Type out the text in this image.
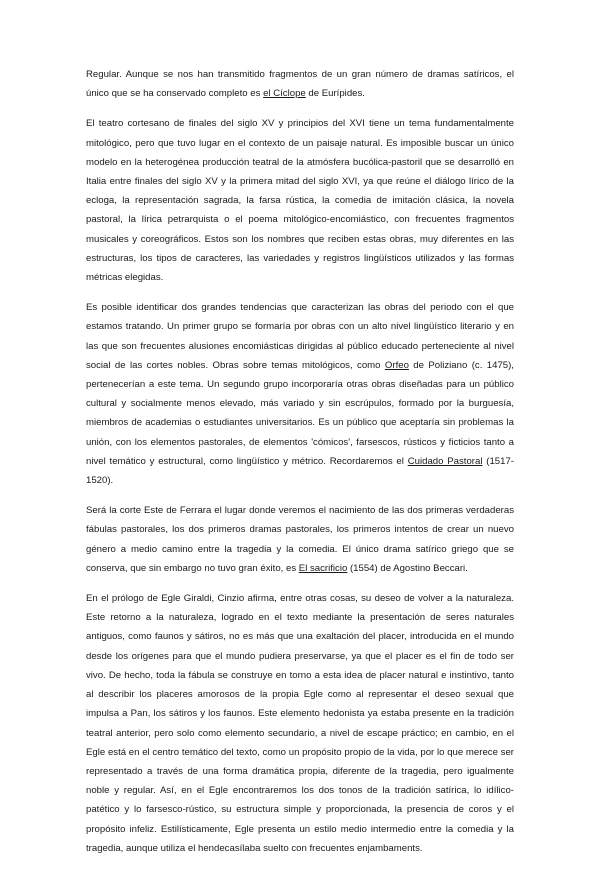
Regular. Aunque se nos han transmitido fragmentos de un gran número de dramas satíricos, el único que se ha conservado completo es el Cíclope de Eurípides.

El teatro cortesano de finales del siglo XV y principios del XVI tiene un tema fundamentalmente mitológico, pero que tuvo lugar en el contexto de un paisaje natural. Es imposible buscar un único modelo en la heterogénea producción teatral de la atmósfera bucólica-pastoril que se desarrolló en Italia entre finales del siglo XV y la primera mitad del siglo XVI, ya que reúne el diálogo lírico de la ecloga, la representación sagrada, la farsa rústica, la comedia de imitación clásica, la novela pastoral, la lírica petrarquista o el poema mitológico-encomiástico, con frecuentes fragmentos musicales y coreográficos. Estos son los nombres que reciben estas obras, muy diferentes en las estructuras, los tipos de caracteres, las variedades y registros lingüísticos utilizados y las formas métricas elegidas.

Es posible identificar dos grandes tendencias que caracterizan las obras del periodo con el que estamos tratando. Un primer grupo se formaría por obras con un alto nivel lingüístico literario y en las que son frecuentes alusiones encomiásticas dirigidas al público educado perteneciente al nivel social de las cortes nobles. Obras sobre temas mitológicos, como Orfeo de Poliziano (c. 1475), pertenecerían a este tema. Un segundo grupo incorporaría otras obras diseñadas para un público cultural y socialmente menos elevado, más variado y sin escrúpulos, formado por la burguesía, miembros de academias o estudiantes universitarios. Es un público que aceptaría sin problemas la unión, con los elementos pastorales, de elementos 'cómicos', farsescos, rústicos y ficticios tanto a nivel temático y estructural, como lingüístico y métrico. Recordaremos el Cuidado Pastoral (1517-1520).

Será la corte Este de Ferrara el lugar donde veremos el nacimiento de las dos primeras verdaderas fábulas pastorales, los dos primeros dramas pastorales, los primeros intentos de crear un nuevo género a medio camino entre la tragedia y la comedia. El único drama satírico griego que se conserva, que sin embargo no tuvo gran éxito, es El sacrificio (1554) de Agostino Beccari.

En el prólogo de Egle Giraldi, Cinzio afirma, entre otras cosas, su deseo de volver a la naturaleza. Este retorno a la naturaleza, logrado en el texto mediante la presentación de seres naturales antiguos, como faunos y sátiros, no es más que una exaltación del placer, introducida en el mundo desde los orígenes para que el mundo pudiera preservarse, ya que el placer es el fin de todo ser vivo. De hecho, toda la fábula se construye en torno a esta idea de placer natural e instintivo, tanto al describir los placeres amorosos de la propia Egle como al representar el deseo sexual que impulsa a Pan, los sátiros y los faunos. Este elemento hedonista ya estaba presente en la tradición teatral anterior, pero solo como elemento secundario, a nivel de escape práctico; en cambio, en el Egle está en el centro temático del texto, como un propósito propio de la vida, por lo que merece ser representado a través de una forma dramática propia, diferente de la tragedia, pero igualmente noble y regular. Así, en el Egle encontraremos los dos tonos de la tradición satírica, lo idílico-patético y lo farsesco-rústico, su estructura simple y proporcionada, la presencia de coros y el propósito infeliz. Estilísticamente, Egle presenta un estilo medio intermedio entre la comedia y la tragedia, aunque utiliza el hendecasílaba suelto con frecuentes enjambaments.
